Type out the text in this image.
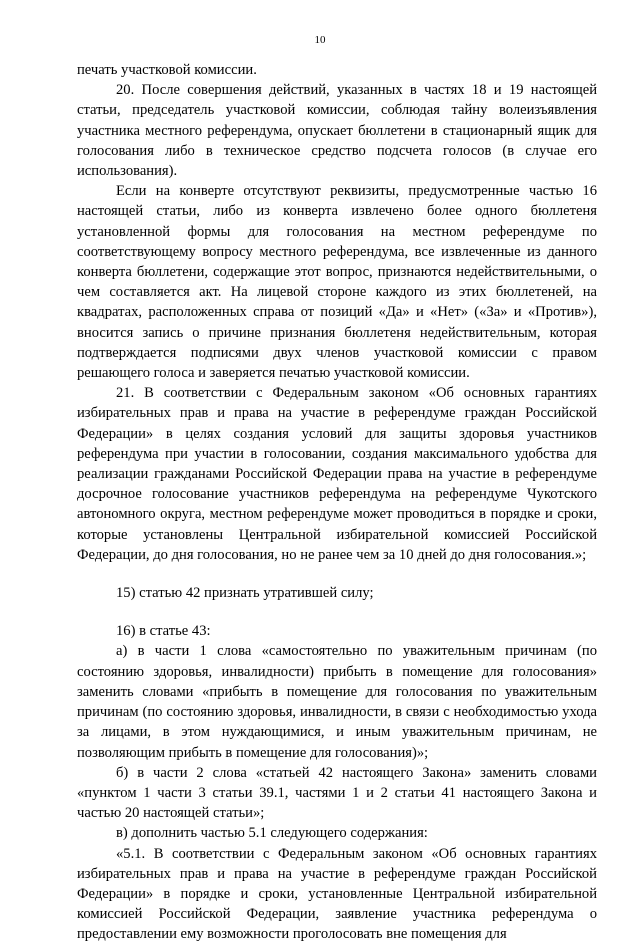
10

печать участковой комиссии.

20. После совершения действий, указанных в частях 18 и 19 настоящей статьи, председатель участковой комиссии, соблюдая тайну волеизъявления участника местного референдума, опускает бюллетени в стационарный ящик для голосования либо в техническое средство подсчета голосов (в случае его использования).

Если на конверте отсутствуют реквизиты, предусмотренные частью 16 настоящей статьи, либо из конверта извлечено более одного бюллетеня установленной формы для голосования на местном референдуме по соответствующему вопросу местного референдума, все извлеченные из данного конверта бюллетени, содержащие этот вопрос, признаются недействительными, о чем составляется акт. На лицевой стороне каждого из этих бюллетеней, на квадратах, расположенных справа от позиций «Да» и «Нет» («За» и «Против»), вносится запись о причине признания бюллетеня недействительным, которая подтверждается подписями двух членов участковой комиссии с правом решающего голоса и заверяется печатью участковой комиссии.

21. В соответствии с Федеральным законом «Об основных гарантиях избирательных прав и права на участие в референдуме граждан Российской Федерации» в целях создания условий для защиты здоровья участников референдума при участии в голосовании, создания максимального удобства для реализации гражданами Российской Федерации права на участие в референдуме досрочное голосование участников референдума на референдуме Чукотского автономного округа, местном референдуме может проводиться в порядке и сроки, которые установлены Центральной избирательной комиссией Российской Федерации, до дня голосования, но не ранее чем за 10 дней до дня голосования.»;

15) статью 42 признать утратившей силу;

16) в статье 43:

а) в части 1 слова «самостоятельно по уважительным причинам (по состоянию здоровья, инвалидности) прибыть в помещение для голосования» заменить словами «прибыть в помещение для голосования по уважительным причинам (по состоянию здоровья, инвалидности, в связи с необходимостью ухода за лицами, в этом нуждающимися, и иным уважительным причинам, не позволяющим прибыть в помещение для голосования)»;

б) в части 2 слова «статьей 42 настоящего Закона» заменить словами «пунктом 1 части 3 статьи 39.1, частями 1 и 2 статьи 41 настоящего Закона и частью 20 настоящей статьи»;

в) дополнить частью 5.1 следующего содержания:

«5.1. В соответствии с Федеральным законом «Об основных гарантиях избирательных прав и права на участие в референдуме граждан Российской Федерации» в порядке и сроки, установленные Центральной избирательной комиссией Российской Федерации, заявление участника референдума о предоставлении ему возможности проголосовать вне помещения для
